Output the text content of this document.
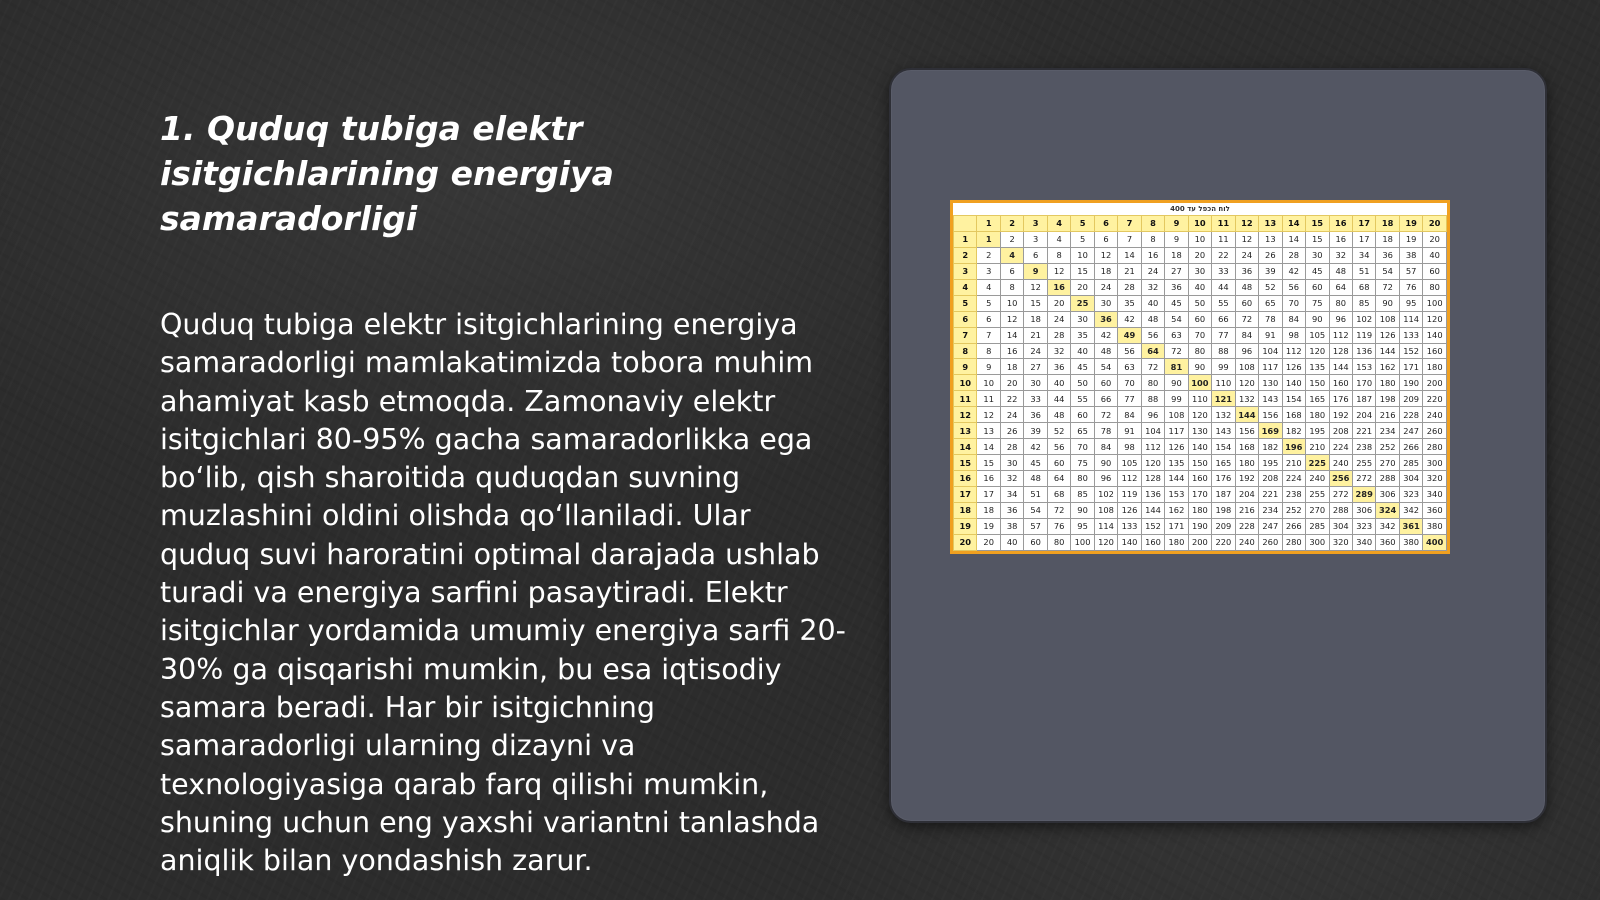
1. Quduq tubiga elektr isitgichlarining energiya samaradorligi

Quduq tubiga elektr isitgichlarining energiya samaradorligi mamlakatimizda tobora muhim ahamiyat kasb etmoqda. Zamonaviy elektr isitgichlari 80-95% gacha samaradorlikka ega bo‘lib, qish sharoitida quduqdan suvning muzlashini oldini olishda qo‘llaniladi. Ular quduq suvi haroratini optimal darajada ushlab turadi va energiya sarfini pasaytiradi. Elektr isitgichlar yordamida umumiy energiya sarfi 20-30% ga qisqarishi mumkin, bu esa iqtisodiy samara beradi. Har bir isitgichning samaradorligi ularning dizayni va texnologiyasiga qarab farq qilishi mumkin, shuning uchun eng yaxshi variantni tanlashda aniqlik bilan yondashish zarur.

לוח הכפל עד 400
	1	2	3	4	5	6	7	8	9	10	11	12	13	14	15	16	17	18	19	20
1	1	2	3	4	5	6	7	8	9	10	11	12	13	14	15	16	17	18	19	20
2	2	4	6	8	10	12	14	16	18	20	22	24	26	28	30	32	34	36	38	40
3	3	6	9	12	15	18	21	24	27	30	33	36	39	42	45	48	51	54	57	60
4	4	8	12	16	20	24	28	32	36	40	44	48	52	56	60	64	68	72	76	80
5	5	10	15	20	25	30	35	40	45	50	55	60	65	70	75	80	85	90	95	100
6	6	12	18	24	30	36	42	48	54	60	66	72	78	84	90	96	102	108	114	120
7	7	14	21	28	35	42	49	56	63	70	77	84	91	98	105	112	119	126	133	140
8	8	16	24	32	40	48	56	64	72	80	88	96	104	112	120	128	136	144	152	160
9	9	18	27	36	45	54	63	72	81	90	99	108	117	126	135	144	153	162	171	180
10	10	20	30	40	50	60	70	80	90	100	110	120	130	140	150	160	170	180	190	200
11	11	22	33	44	55	66	77	88	99	110	121	132	143	154	165	176	187	198	209	220
12	12	24	36	48	60	72	84	96	108	120	132	144	156	168	180	192	204	216	228	240
13	13	26	39	52	65	78	91	104	117	130	143	156	169	182	195	208	221	234	247	260
14	14	28	42	56	70	84	98	112	126	140	154	168	182	196	210	224	238	252	266	280
15	15	30	45	60	75	90	105	120	135	150	165	180	195	210	225	240	255	270	285	300
16	16	32	48	64	80	96	112	128	144	160	176	192	208	224	240	256	272	288	304	320
17	17	34	51	68	85	102	119	136	153	170	187	204	221	238	255	272	289	306	323	340
18	18	36	54	72	90	108	126	144	162	180	198	216	234	252	270	288	306	324	342	360
19	19	38	57	76	95	114	133	152	171	190	209	228	247	266	285	304	323	342	361	380
20	20	40	60	80	100	120	140	160	180	200	220	240	260	280	300	320	340	360	380	400
